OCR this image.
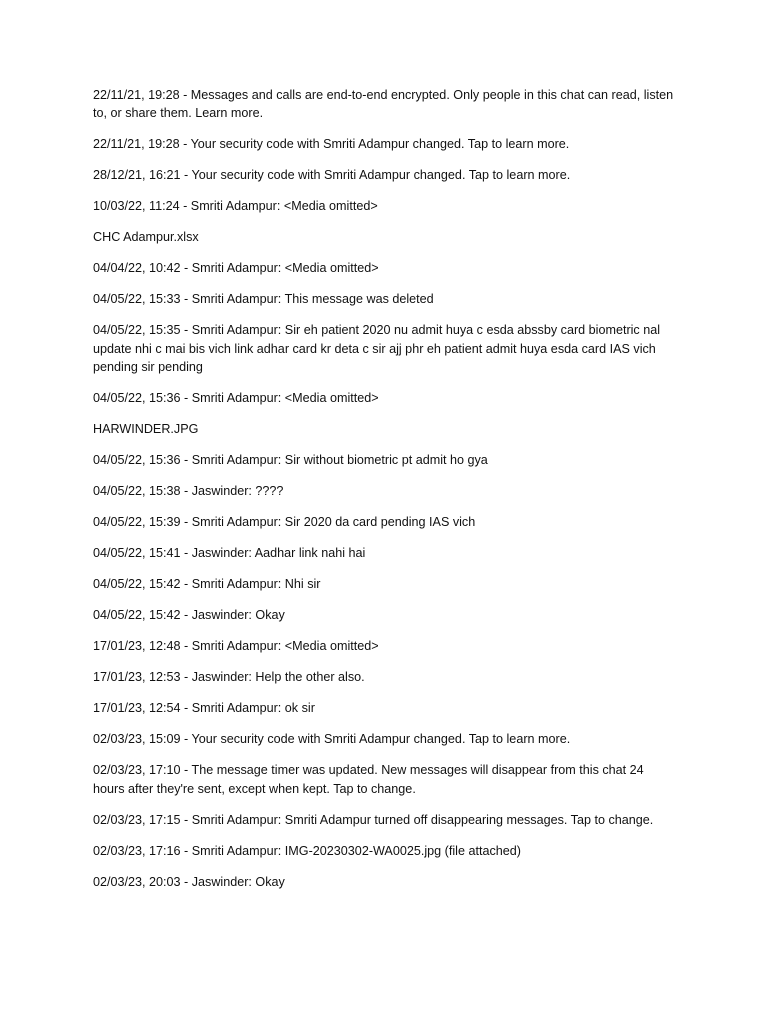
22/11/21, 19:28 - Messages and calls are end-to-end encrypted. Only people in this chat can read, listen to, or share them. Learn more.

22/11/21, 19:28 - Your security code with Smriti Adampur changed. Tap to learn more.

28/12/21, 16:21 - Your security code with Smriti Adampur changed. Tap to learn more.

10/03/22, 11:24 - Smriti Adampur: <Media omitted>

CHC Adampur.xlsx

04/04/22, 10:42 - Smriti Adampur: <Media omitted>

04/05/22, 15:33 - Smriti Adampur: This message was deleted

04/05/22, 15:35 - Smriti Adampur: Sir eh patient 2020 nu admit huya c esda abssby card biometric nal update nhi c mai bis vich link adhar card kr deta c sir ajj phr eh patient admit huya esda card IAS vich pending sir pending

04/05/22, 15:36 - Smriti Adampur: <Media omitted>

HARWINDER.JPG

04/05/22, 15:36 - Smriti Adampur: Sir without biometric pt admit ho gya

04/05/22, 15:38 - Jaswinder: ????

04/05/22, 15:39 - Smriti Adampur: Sir 2020 da card pending IAS vich

04/05/22, 15:41 - Jaswinder: Aadhar link nahi hai

04/05/22, 15:42 - Smriti Adampur: Nhi sir

04/05/22, 15:42 - Jaswinder: Okay

17/01/23, 12:48 - Smriti Adampur: <Media omitted>

17/01/23, 12:53 - Jaswinder: Help the other also.

17/01/23, 12:54 - Smriti Adampur: ok sir

02/03/23, 15:09 - Your security code with Smriti Adampur changed. Tap to learn more.

02/03/23, 17:10 - The message timer was updated. New messages will disappear from this chat 24 hours after they're sent, except when kept. Tap to change.

02/03/23, 17:15 - Smriti Adampur: Smriti Adampur turned off disappearing messages. Tap to change.

02/03/23, 17:16 - Smriti Adampur: IMG-20230302-WA0025.jpg (file attached)

02/03/23, 20:03 - Jaswinder: Okay
